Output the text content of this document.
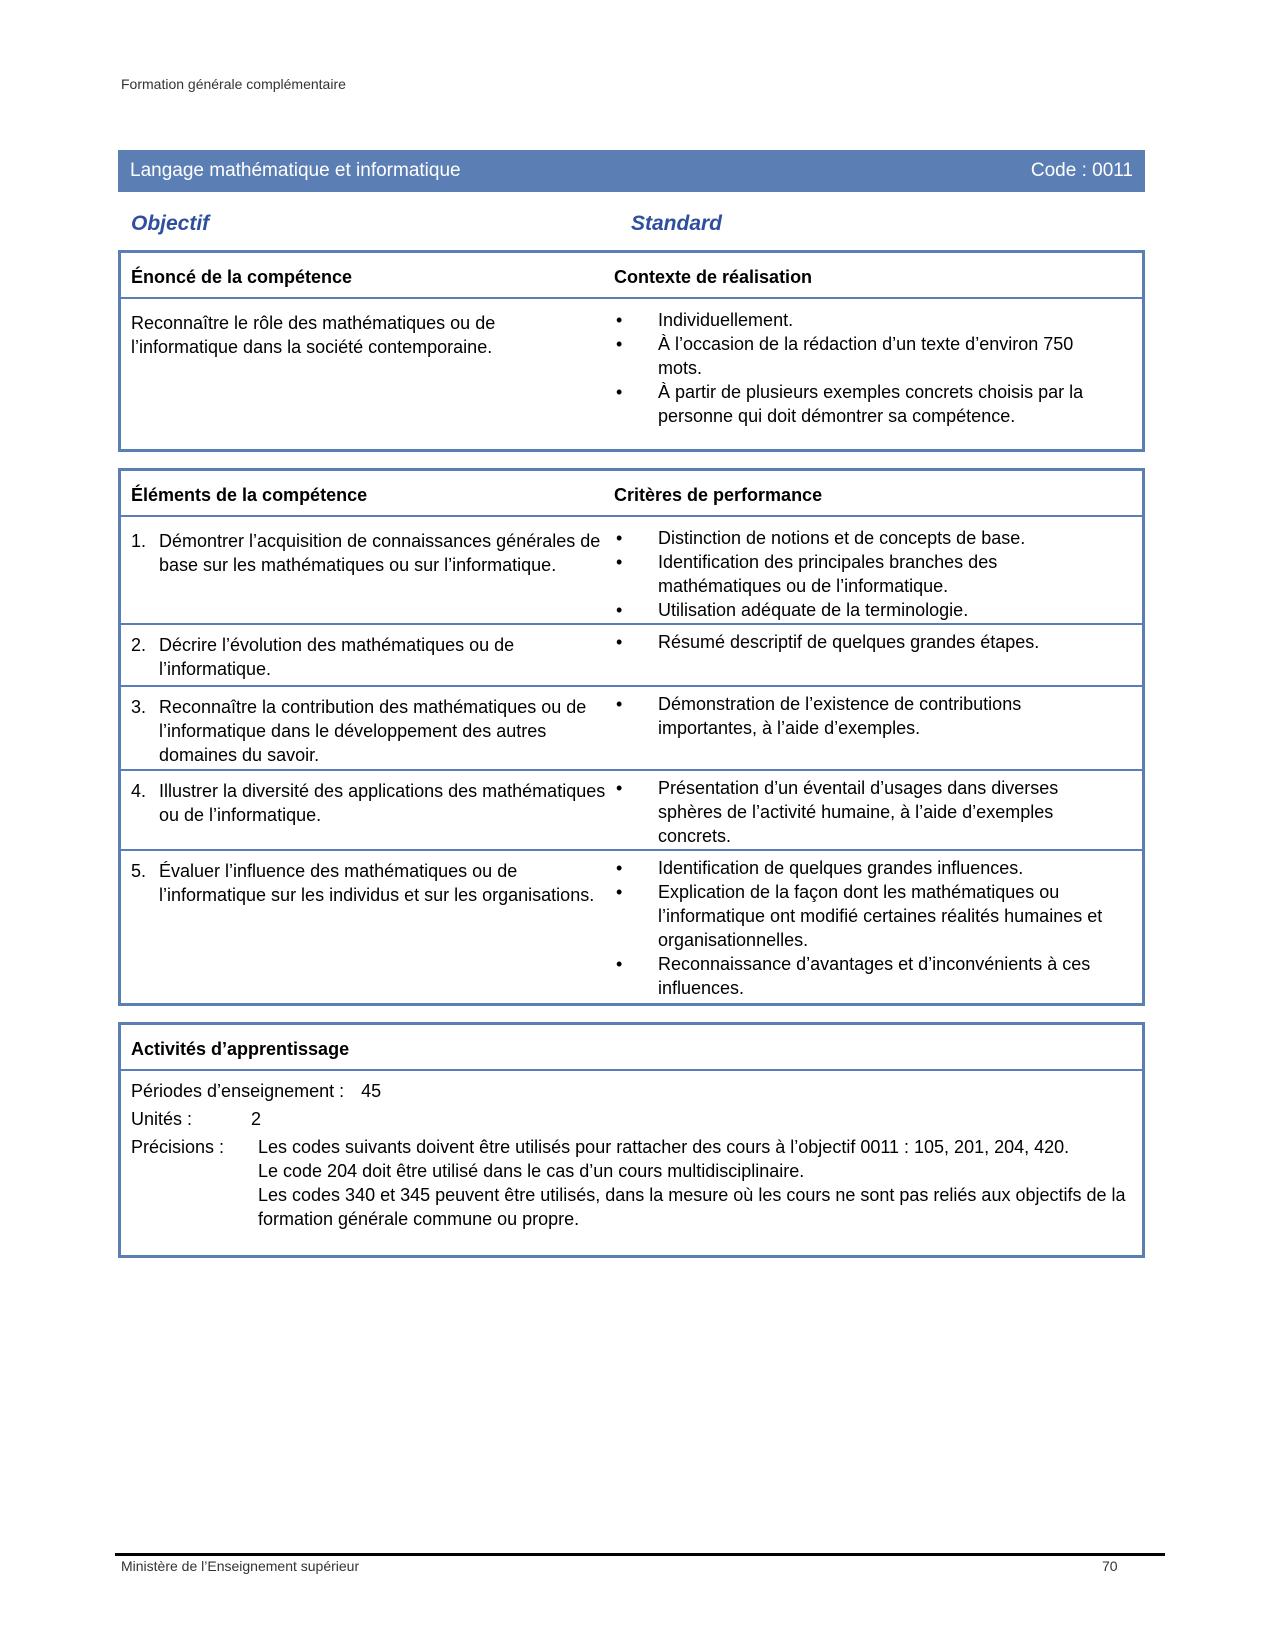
Formation générale complémentaire
Langage mathématique et informatique	Code : 0011
Objectif	Standard
Énoncé de la compétence	Contexte de réalisation
Reconnaître le rôle des mathématiques ou de l’informatique dans la société contemporaine.
• Individuellement.
• À l’occasion de la rédaction d’un texte d’environ 750 mots.
• À partir de plusieurs exemples concrets choisis par la personne qui doit démontrer sa compétence.
Éléments de la compétence	Critères de performance
1. Démontrer l’acquisition de connaissances générales de base sur les mathématiques ou sur l’informatique.
• Distinction de notions et de concepts de base.
• Identification des principales branches des mathématiques ou de l’informatique.
• Utilisation adéquate de la terminologie.
2. Décrire l’évolution des mathématiques ou de l’informatique.
• Résumé descriptif de quelques grandes étapes.
3. Reconnaître la contribution des mathématiques ou de l’informatique dans le développement des autres domaines du savoir.
• Démonstration de l’existence de contributions importantes, à l’aide d’exemples.
4. Illustrer la diversité des applications des mathématiques ou de l’informatique.
• Présentation d’un éventail d’usages dans diverses sphères de l’activité humaine, à l’aide d’exemples concrets.
5. Évaluer l’influence des mathématiques ou de l’informatique sur les individus et sur les organisations.
• Identification de quelques grandes influences.
• Explication de la façon dont les mathématiques ou l’informatique ont modifié certaines réalités humaines et organisationnelles.
• Reconnaissance d’avantages et d’inconvénients à ces influences.
Activités d’apprentissage
Périodes d’enseignement : 45
Unités :	2
Précisions : Les codes suivants doivent être utilisés pour rattacher des cours à l’objectif 0011 : 105, 201, 204, 420.
Le code 204 doit être utilisé dans le cas d’un cours multidisciplinaire.
Les codes 340 et 345 peuvent être utilisés, dans la mesure où les cours ne sont pas reliés aux objectifs de la formation générale commune ou propre.
Ministère de l’Enseignement supérieur	70
